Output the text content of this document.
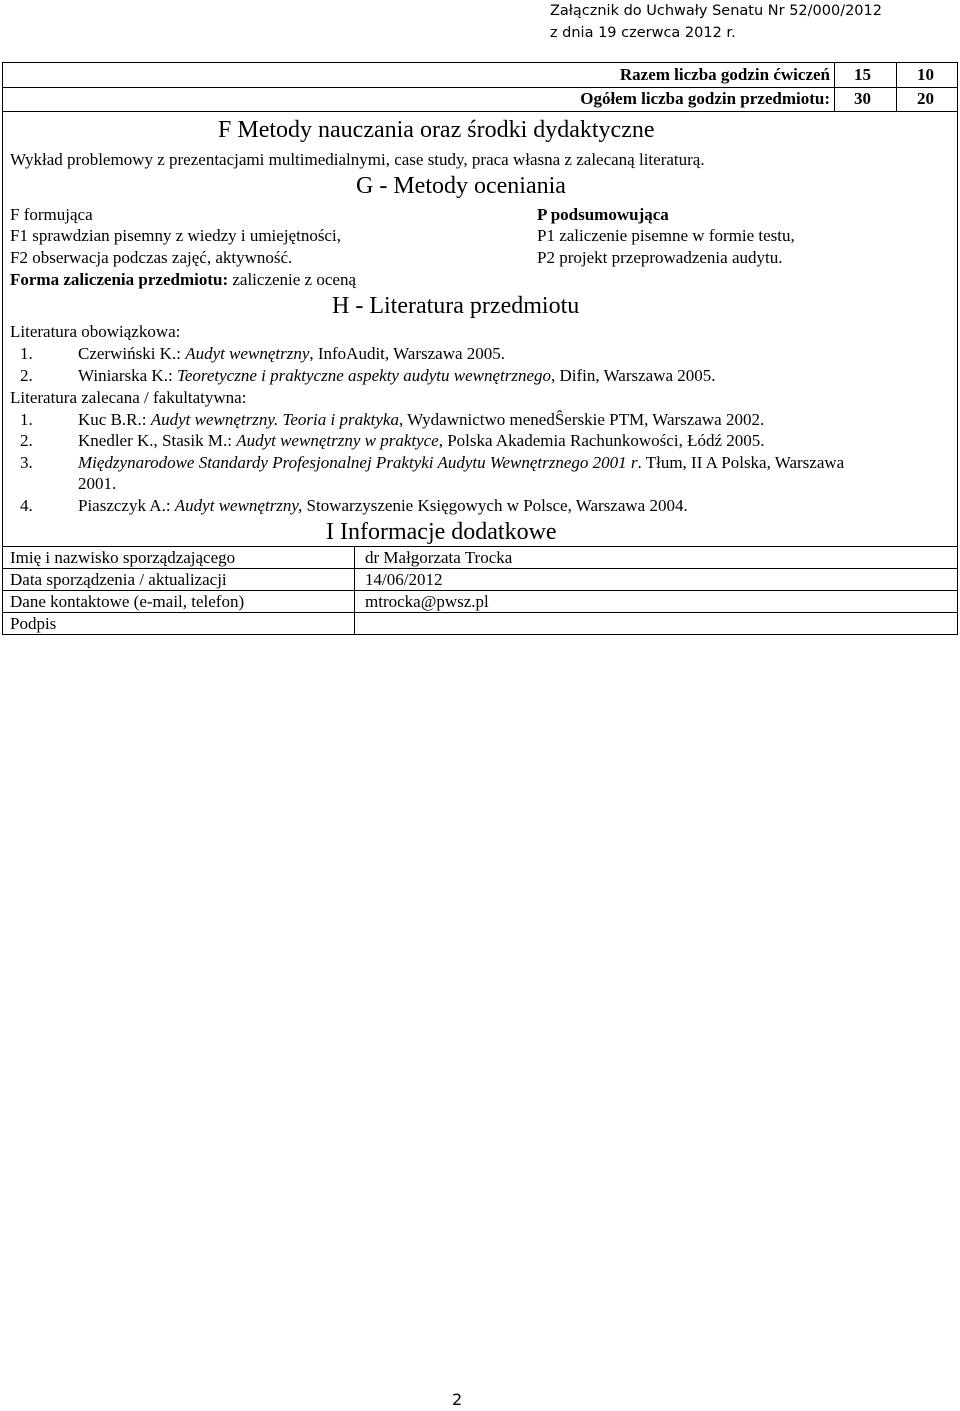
Załącznik do Uchwały Senatu Nr 52/000/2012
z dnia 19 czerwca 2012 r.
Razem liczba godzin ćwiczeń 15	10
Ogółem liczba godzin przedmiotu: 30	20
F Metody nauczania oraz środki dydaktyczne
Wykład problemowy z prezentacjami multimedialnymi, case study, praca własna z zalecaną literaturą.
G - Metody oceniania
F formująca
F1 sprawdzian pisemny z wiedzy i umiejętności,
F2 obserwacja podczas zajęć, aktywność.
P podsumowująca
P1 zaliczenie pisemne w formie testu,
P2 projekt przeprowadzenia audytu.
Forma zaliczenia przedmiotu: zaliczenie z oceną
H - Literatura przedmiotu
Literatura obowiązkowa:
1.	Czerwiński K.: Audyt wewnętrzny, InfoAudit, Warszawa 2005.
2.	Winiarska K.: Teoretyczne i praktyczne aspekty audytu wewnętrznego, Difin, Warszawa 2005.
Literatura zalecana / fakultatywna:
1.	Kuc B.R.: Audyt wewnętrzny. Teoria i praktyka, Wydawnictwo menedŜerskie PTM, Warszawa 2002.
2.	Knedler K., Stasik M.: Audyt wewnętrzny w praktyce, Polska Akademia Rachunkowości, Łódź 2005.
3.	Międzynarodowe Standardy Profesjonalnej Praktyki Audytu Wewnętrznego 2001 r. Tłum, II A Polska, Warszawa
2001.
4.	Piaszczyk A.: Audyt wewnętrzny, Stowarzyszenie Księgowych w Polsce, Warszawa 2004.
I Informacje dodatkowe
Imię i nazwisko sporządzającego	dr Małgorzata Trocka
Data sporządzenia / aktualizacji	14/06/2012
Dane kontaktowe (e-mail, telefon)	mtrocka@pwsz.pl
Podpis
2
